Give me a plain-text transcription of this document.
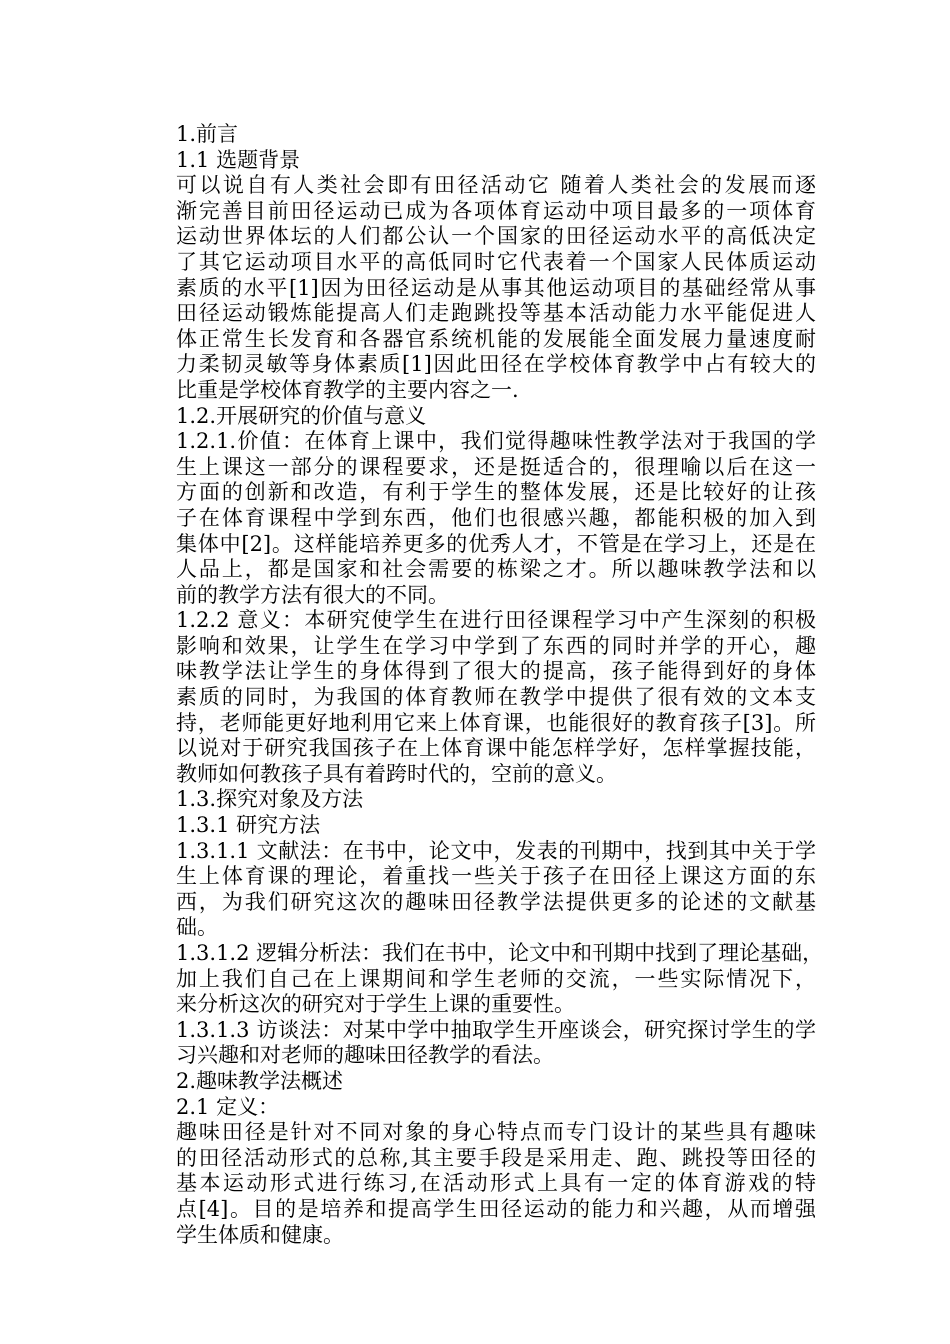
1.前言
1.1 选题背景
可以说自有人类社会即有田径活动它 随着人类社会的发展而逐
渐完善目前田径运动已成为各项体育运动中项目最多的一项体育
运动世界体坛的人们都公认一个国家的田径运动水平的高低决定
了其它运动项目水平的高低同时它代表着一个国家人民体质运动
素质的水平[1]因为田径运动是从事其他运动项目的基础经常从事
田径运动锻炼能提高人们走跑跳投等基本活动能力水平能促进人
体正常生长发育和各器官系统机能的发展能全面发展力量速度耐
力柔韧灵敏等身体素质[1]因此田径在学校体育教学中占有较大的
比重是学校体育教学的主要内容之一.
1.2.开展研究的价值与意义
1.2.1.价值：在体育上课中，我们觉得趣味性教学法对于我国的学
生上课这一部分的课程要求，还是挺适合的，很理喻以后在这一
方面的创新和改造，有利于学生的整体发展，还是比较好的让孩
子在体育课程中学到东西，他们也很感兴趣，都能积极的加入到
集体中[2]。这样能培养更多的优秀人才，不管是在学习上，还是在
人品上，都是国家和社会需要的栋梁之才。所以趣味教学法和以
前的教学方法有很大的不同。
1.2.2 意义：本研究使学生在进行田径课程学习中产生深刻的积极
影响和效果，让学生在学习中学到了东西的同时并学的开心，趣
味教学法让学生的身体得到了很大的提高，孩子能得到好的身体
素质的同时，为我国的体育教师在教学中提供了很有效的文本支
持，老师能更好地利用它来上体育课，也能很好的教育孩子[3]。所
以说对于研究我国孩子在上体育课中能怎样学好，怎样掌握技能，
教师如何教孩子具有着跨时代的，空前的意义。
1.3.探究对象及方法
1.3.1 研究方法
1.3.1.1 文献法：在书中，论文中，发表的刊期中，找到其中关于学
生上体育课的理论，着重找一些关于孩子在田径上课这方面的东
西，为我们研究这次的趣味田径教学法提供更多的论述的文献基
础。
1.3.1.2 逻辑分析法：我们在书中，论文中和刊期中找到了理论基础，
加上我们自己在上课期间和学生老师的交流，一些实际情况下，
来分析这次的研究对于学生上课的重要性。
1.3.1.3 访谈法：对某中学中抽取学生开座谈会，研究探讨学生的学
习兴趣和对老师的趣味田径教学的看法。
2.趣味教学法概述
2.1 定义：
趣味田径是针对不同对象的身心特点而专门设计的某些具有趣味
的田径活动形式的总称,其主要手段是采用走、跑、跳投等田径的
基本运动形式进行练习,在活动形式上具有一定的体育游戏的特
点[4]。目的是培养和提高学生田径运动的能力和兴趣，从而增强
学生体质和健康。
